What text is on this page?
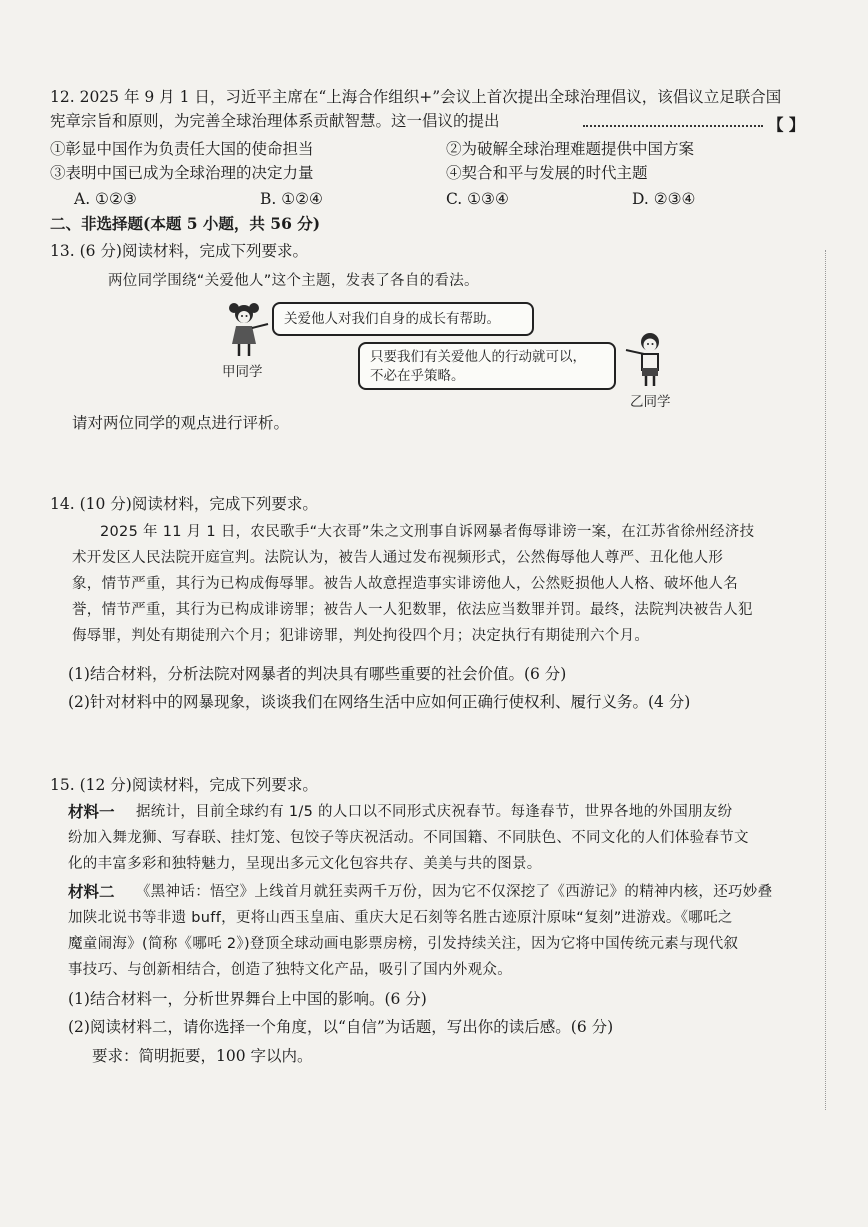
12. 2025 年 9 月 1 日，习近平主席在“上海合作组织+”会议上首次提出全球治理倡议，该倡议立足联合国
宪章宗旨和原则，为完善全球治理体系贡献智慧。这一倡议的提出	【 】
①彰显中国作为负责任大国的使命担当	②为破解全球治理难题提供中国方案
③表明中国已成为全球治理的决定力量	④契合和平与发展的时代主题
A. ①②③	B. ①②④	C. ①③④	D. ②③④
二、非选择题(本题 5 小题，共 56 分)
13. (6 分)阅读材料，完成下列要求。
两位同学围绕“关爱他人”这个主题，发表了各自的看法。
甲同学
关爱他人对我们自身的成长有帮助。
只要我们有关爱他人的行动就可以，
不必在乎策略。
乙同学
请对两位同学的观点进行评析。
14. (10 分)阅读材料，完成下列要求。
2025 年 11 月 1 日，农民歌手“大衣哥”朱之文刑事自诉网暴者侮辱诽谤一案，在江苏省徐州经济技
术开发区人民法院开庭宣判。法院认为，被告人通过发布视频形式，公然侮辱他人尊严、丑化他人形
象，情节严重，其行为已构成侮辱罪。被告人故意捏造事实诽谤他人，公然贬损他人人格、破坏他人名
誉，情节严重，其行为已构成诽谤罪；被告人一人犯数罪，依法应当数罪并罚。最终，法院判决被告人犯
侮辱罪，判处有期徒刑六个月；犯诽谤罪，判处拘役四个月；决定执行有期徒刑六个月。
(1)结合材料，分析法院对网暴者的判决具有哪些重要的社会价值。(6 分)
(2)针对材料中的网暴现象，谈谈我们在网络生活中应如何正确行使权利、履行义务。(4 分)
15. (12 分)阅读材料，完成下列要求。
材料一 据统计，目前全球约有 1/5 的人口以不同形式庆祝春节。每逢春节，世界各地的外国朋友纷
纷加入舞龙狮、写春联、挂灯笼、包饺子等庆祝活动。不同国籍、不同肤色、不同文化的人们体验春节文
化的丰富多彩和独特魅力，呈现出多元文化包容共存、美美与共的图景。
材料二 《黑神话：悟空》上线首月就狂卖两千万份，因为它不仅深挖了《西游记》的精神内核，还巧妙叠
加陕北说书等非遗 buff，更将山西玉皇庙、重庆大足石刻等名胜古迹原汁原味“复刻”进游戏。《哪吒之
魔童闹海》(简称《哪吒 2》)登顶全球动画电影票房榜，引发持续关注，因为它将中国传统元素与现代叙
事技巧、与创新相结合，创造了独特文化产品，吸引了国内外观众。
(1)结合材料一，分析世界舞台上中国的影响。(6 分)
(2)阅读材料二，请你选择一个角度，以“自信”为话题，写出你的读后感。(6 分)
要求：简明扼要，100 字以内。
